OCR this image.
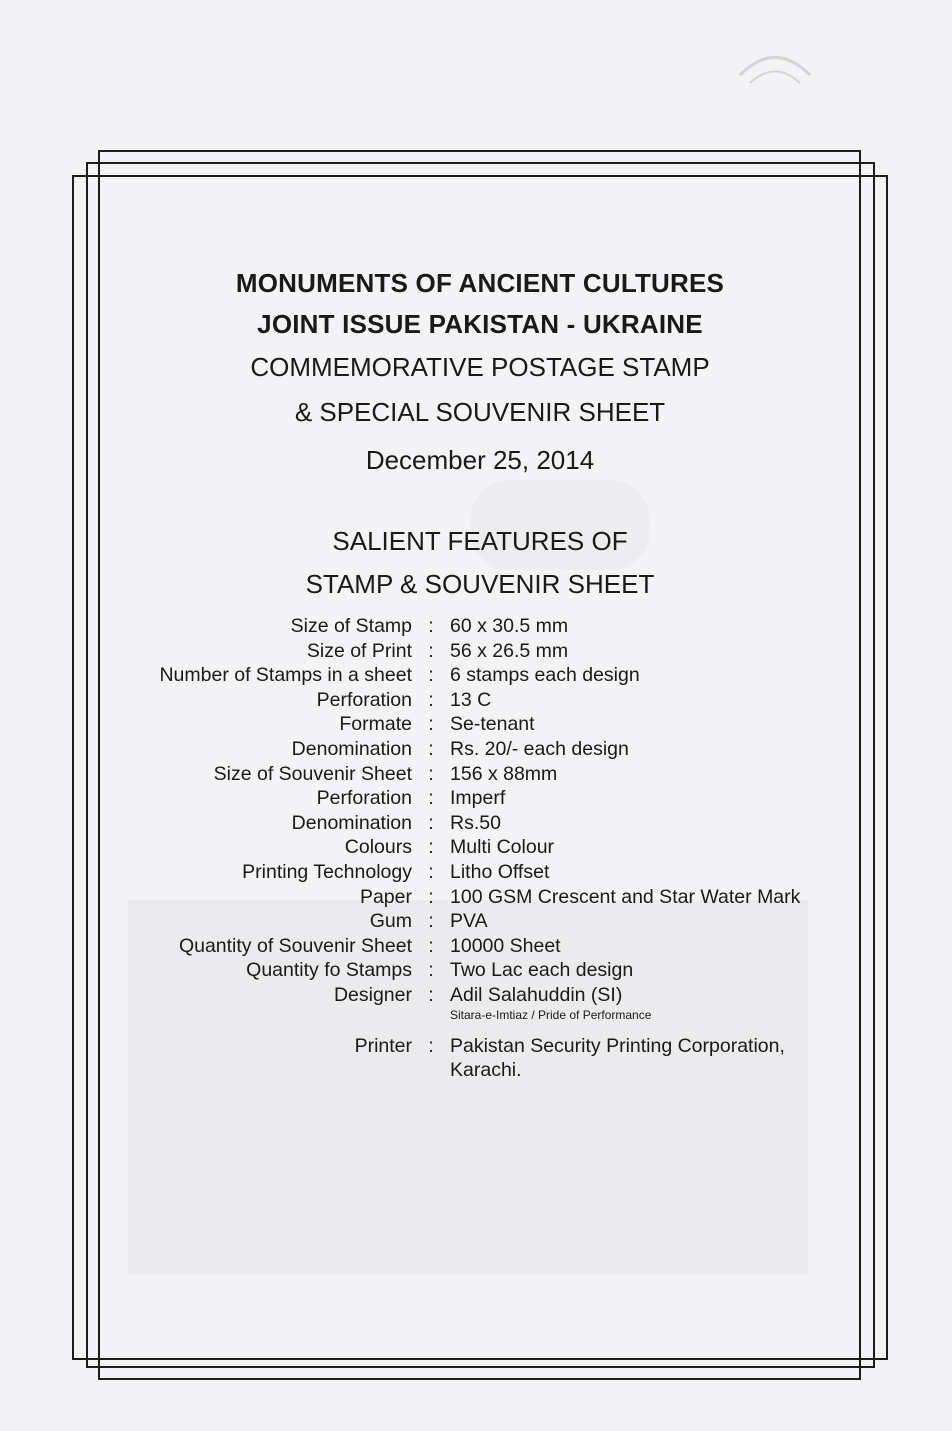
MONUMENTS OF ANCIENT CULTURES
JOINT ISSUE PAKISTAN - UKRAINE
COMMEMORATIVE POSTAGE STAMP
& SPECIAL SOUVENIR SHEET
December 25, 2014
SALIENT FEATURES OF
STAMP & SOUVENIR SHEET
Size of Stamp : 60 x 30.5 mm
Size of Print : 56 x 26.5 mm
Number of Stamps in a sheet : 6 stamps each design
Perforation : 13 C
Formate : Se-tenant
Denomination : Rs. 20/- each design
Size of Souvenir Sheet : 156 x 88mm
Perforation : Imperf
Denomination : Rs.50
Colours : Multi Colour
Printing Technology : Litho Offset
Paper : 100 GSM Crescent and Star Water Mark
Gum : PVA
Quantity of Souvenir Sheet : 10000 Sheet
Quantity fo Stamps : Two Lac each design
Designer : Adil Salahuddin (SI)
Sitara-e-Imtiaz / Pride of Performance
Printer : Pakistan Security Printing Corporation,
Karachi.
